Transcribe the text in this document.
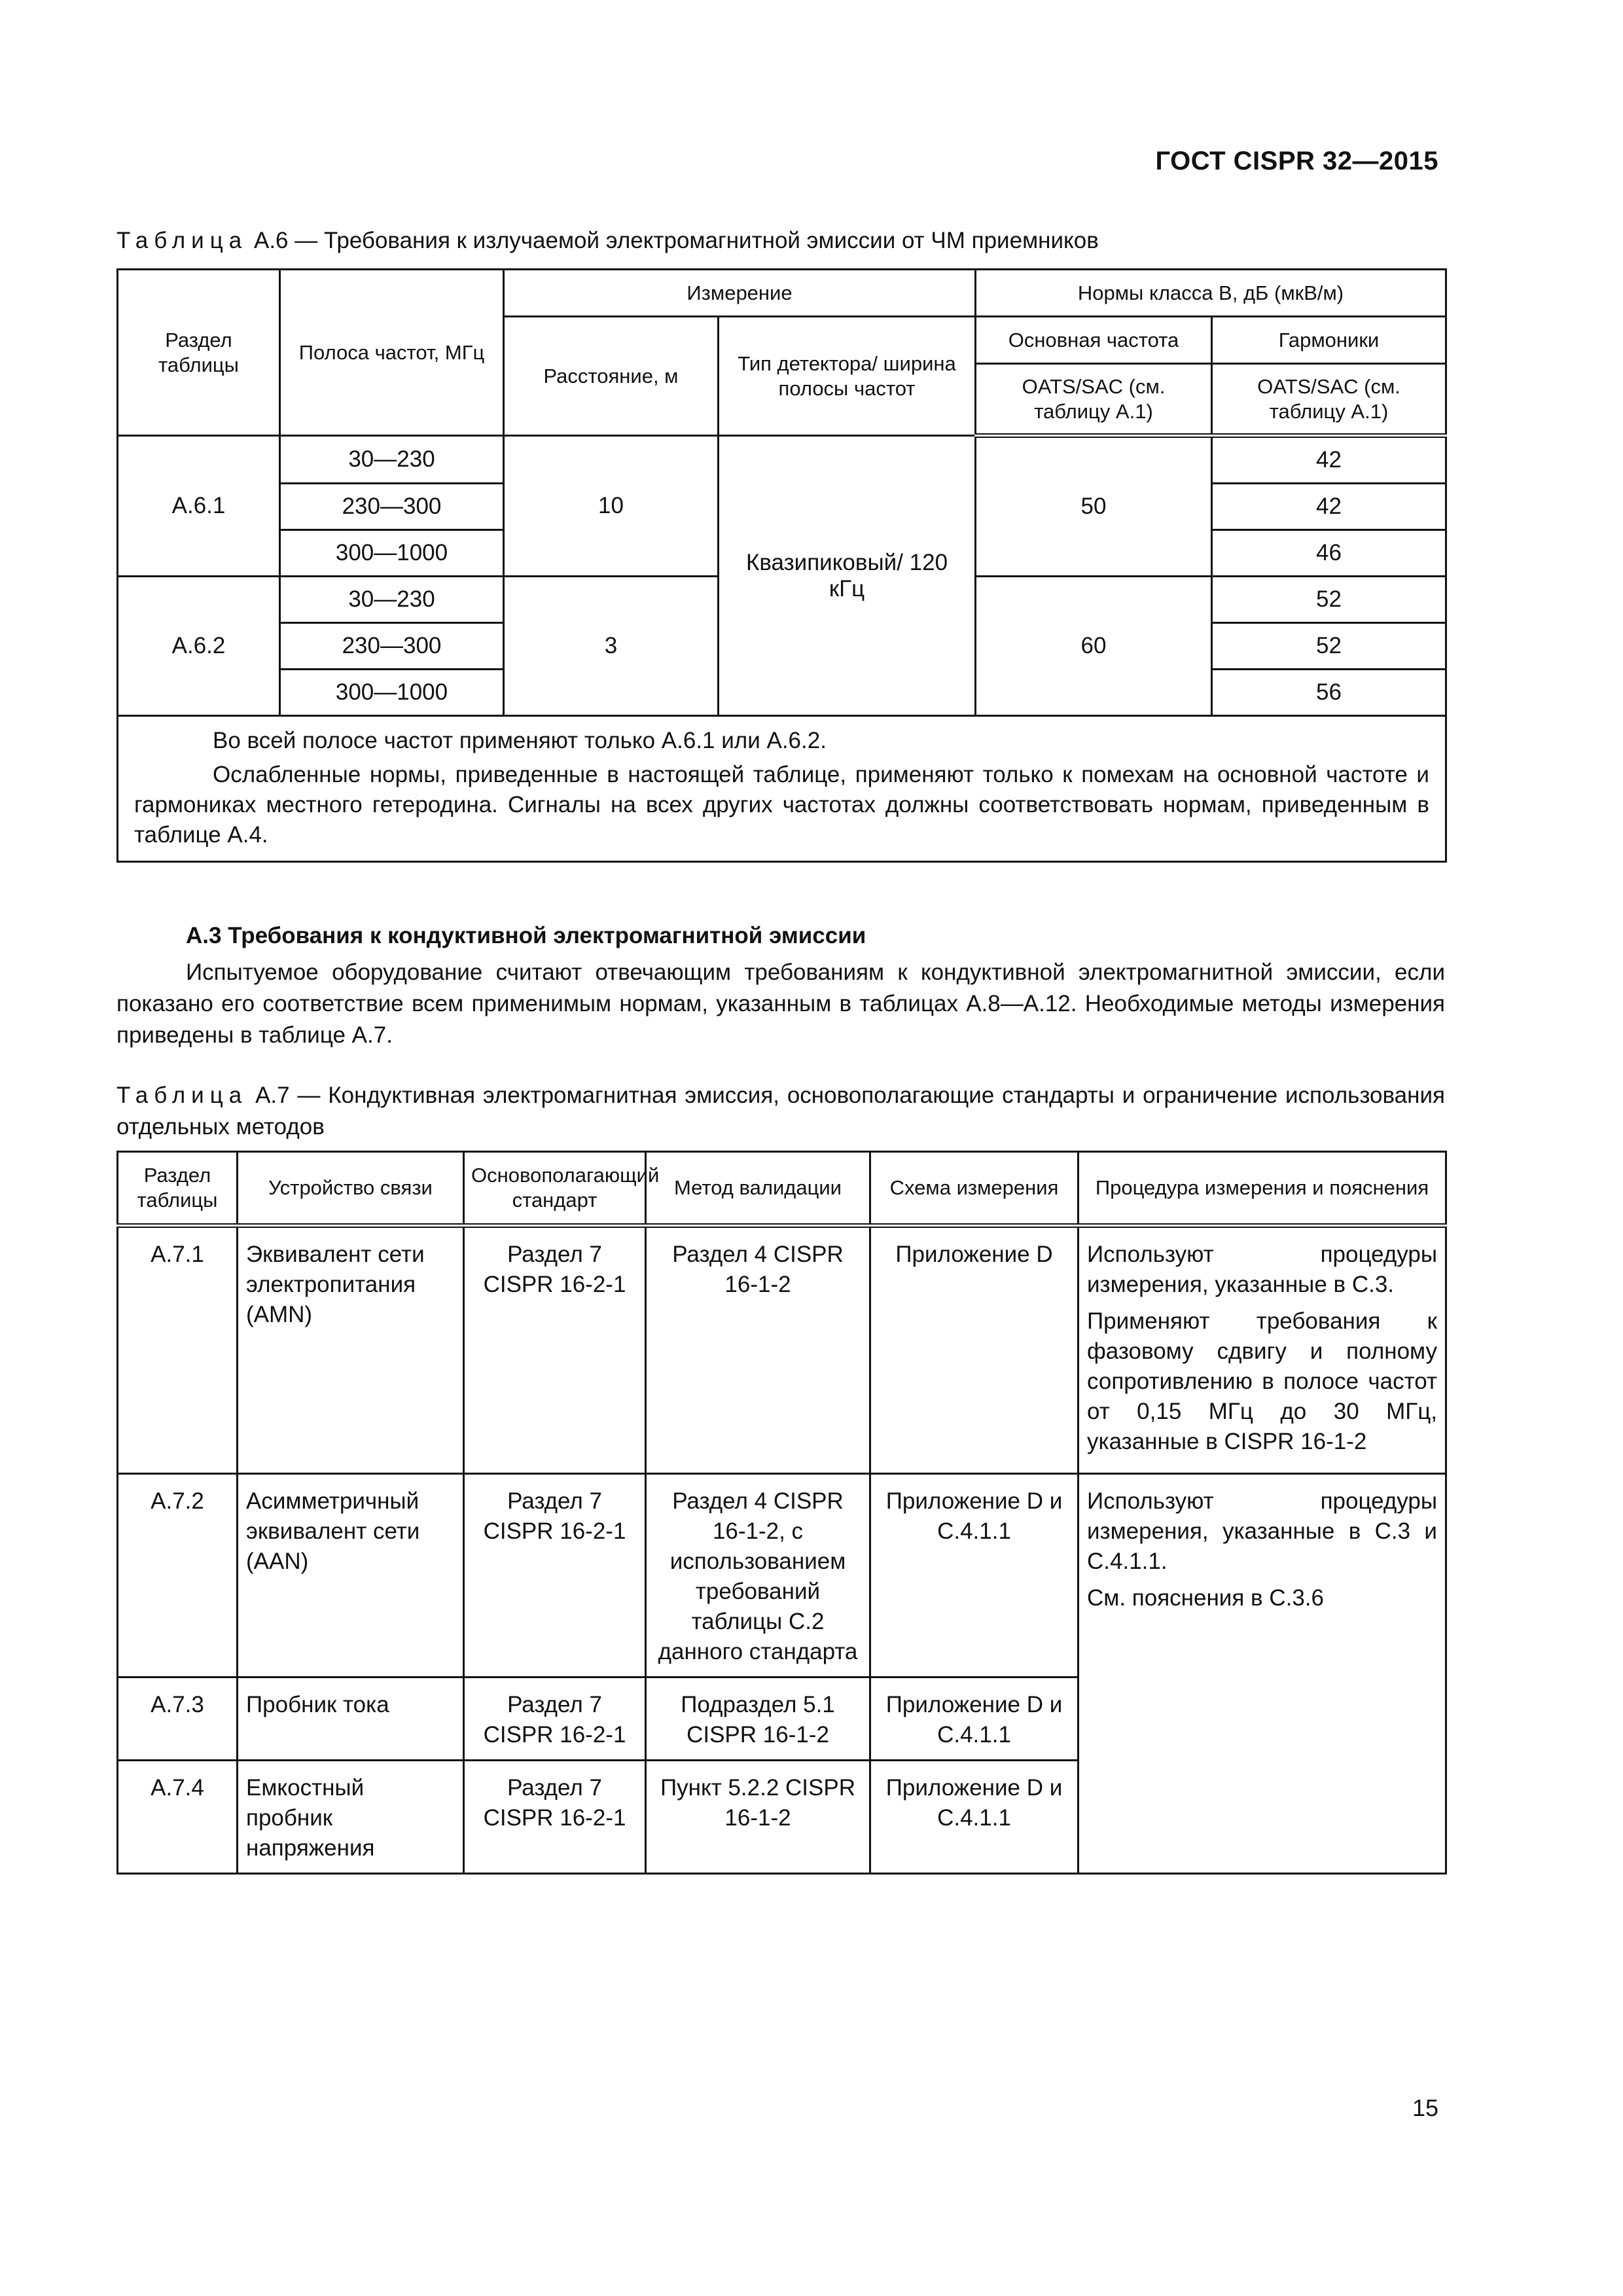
ГОСТ CISPR 32—2015
Таблица А.6 — Требования к излучаемой электромагнитной эмиссии от ЧМ приемников
Раздел таблицы	Полоса частот, МГц	Измерение		Нормы класса В, дБ (мкВ/м)	
		Расстояние, м	Тип детектора/ ширина полосы частот	Основная частота	Гармоники
				OATS/SAC (см. таблицу А.1)	OATS/SAC (см. таблицу А.1)
А.6.1	30—230	10	Квазипиковый/ 120 кГц	50	42
	230—300				42
	300—1000				46
А.6.2	30—230	3		60	52
	230—300				52
	300—1000				56

Во всей полосе частот применяют только А.6.1 или А.6.2.

Ослабленные нормы, приведенные в настоящей таблице, применяют только к помехам на основной частоте и гармониках местного гетеродина. Сигналы на всех других частотах должны соответствовать нормам, приведенным в таблице А.4.					

А.3 Требования к кондуктивной электромагнитной эмиссии
Испытуемое оборудование считают отвечающим требованиям к кондуктивной электромагнитной эмиссии, если показано его соответствие всем применимым нормам, указанным в таблицах А.8—А.12. Необходимые методы измерения приведены в таблице А.7.
Таблица А.7 — Кондуктивная электромагнитная эмиссия, основополагающие стандарты и ограничение использования отдельных методов
Раздел таблицы	Устройство связи	Основополагающий стандарт	Метод валидации	Схема измерения	Процедура измерения и пояснения
А.7.1	Эквивалент сети электропитания (AMN)	Раздел 7 CISPR 16-2-1	Раздел 4 CISPR 16-1-2	Приложение D	Используют процедуры измерения, указанные в С.3.

Применяют требования к фазовому сдвигу и полному сопротивлению в полосе частот от 0,15 МГц до 30 МГц, указанные в CISPR 16-1-2

А.7.2	Асимметричный эквивалент сети (AAN)	Раздел 7 CISPR 16-2-1	Раздел 4 CISPR 16-1-2, с использованием требований таблицы С.2 данного стандарта	Приложение D и С.4.1.1	Используют процедуры измерения, указанные в С.3 и С.4.1.1.

См. пояснения в С.3.6

А.7.3	Пробник тока	Раздел 7 CISPR 16-2-1	Подраздел 5.1 CISPR 16-1-2	Приложение D и С.4.1.1	
А.7.4	Емкостный пробник напряжения	Раздел 7 CISPR 16-2-1	Пункт 5.2.2 CISPR 16-1-2	Приложение D и С.4.1.1	
15
